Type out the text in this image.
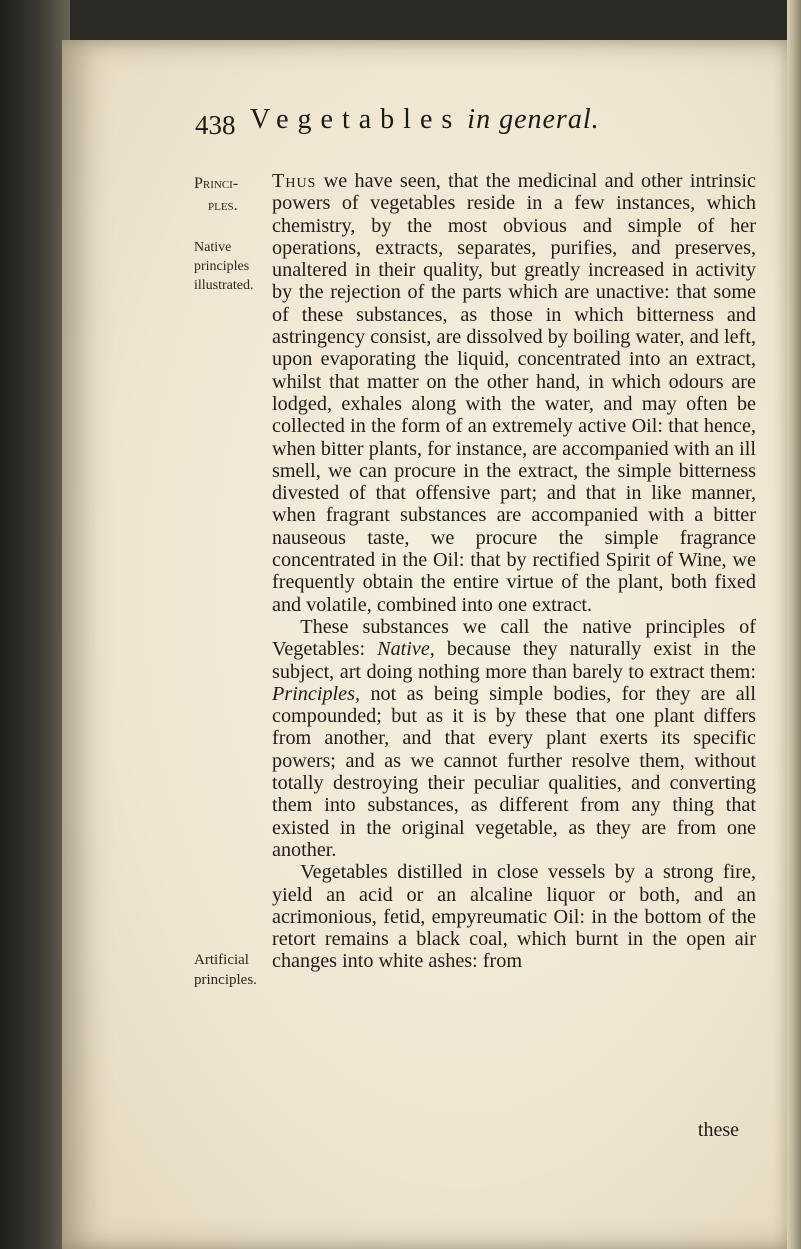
438 Vegetables in general.
Princi-
ples.
Native
principles
illustrated.
Artificial
principles.

Thus we have seen, that the medicinal and other intrinsic powers of vegetables reside in a few instances, which chemistry, by the most obvious and simple of her operations, extracts, separates, purifies, and preserves, unaltered in their quality, but greatly increased in activity by the rejection of the parts which are unactive: that some of these substances, as those in which bitterness and astringency consist, are dissolved by boiling water, and left, upon evaporating the liquid, concentrated into an extract, whilst that matter on the other hand, in which odours are lodged, exhales along with the water, and may often be collected in the form of an extremely active Oil: that hence, when bitter plants, for instance, are accompanied with an ill smell, we can procure in the extract, the simple bitterness divested of that offensive part; and that in like manner, when fragrant substances are accompanied with a bitter nauseous taste, we procure the simple fragrance concentrated in the Oil: that by rectified Spirit of Wine, we frequently obtain the entire virtue of the plant, both fixed and volatile, combined into one extract.

These substances we call the native principles of Vegetables: Native, because they naturally exist in the subject, art doing nothing more than barely to extract them: Principles, not as being simple bodies, for they are all compounded; but as it is by these that one plant differs from another, and that every plant exerts its specific powers; and as we cannot further resolve them, without totally destroying their peculiar qualities, and converting them into substances, as different from any thing that existed in the original vegetable, as they are from one another.

Vegetables distilled in close vessels by a strong fire, yield an acid or an alcaline liquor or both, and an acrimonious, fetid, empyreumatic Oil: in the bottom of the retort remains a black coal, which burnt in the open air changes into white ashes: from

these
